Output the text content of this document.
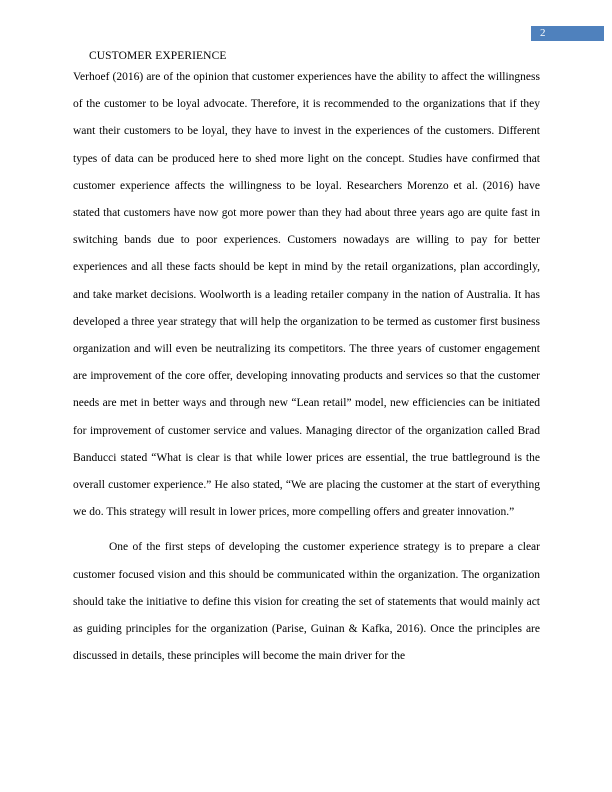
2
CUSTOMER EXPERIENCE

Verhoef (2016) are of the opinion that customer experiences have the ability to affect the willingness of the customer to be loyal advocate. Therefore, it is recommended to the organizations that if they want their customers to be loyal, they have to invest in the experiences of the customers. Different types of data can be produced here to shed more light on the concept. Studies have confirmed that customer experience affects the willingness to be loyal. Researchers Morenzo et al. (2016) have stated that customers have now got more power than they had about three years ago are quite fast in switching bands due to poor experiences. Customers nowadays are willing to pay for better experiences and all these facts should be kept in mind by the retail organizations, plan accordingly, and take market decisions. Woolworth is a leading retailer company in the nation of Australia. It has developed a three year strategy that will help the organization to be termed as customer first business organization and will even be neutralizing its competitors. The three years of customer engagement are improvement of the core offer, developing innovating products and services so that the customer needs are met in better ways and through new “Lean retail” model, new efficiencies can be initiated for improvement of customer service and values. Managing director of the organization called Brad Banducci stated “What is clear is that while lower prices are essential, the true battleground is the overall customer experience.” He also stated, “We are placing the customer at the start of everything we do. This strategy will result in lower prices, more compelling offers and greater innovation.”

One of the first steps of developing the customer experience strategy is to prepare a clear customer focused vision and this should be communicated within the organization. The organization should take the initiative to define this vision for creating the set of statements that would mainly act as guiding principles for the organization (Parise, Guinan & Kafka, 2016). Once the principles are discussed in details, these principles will become the main driver for the
